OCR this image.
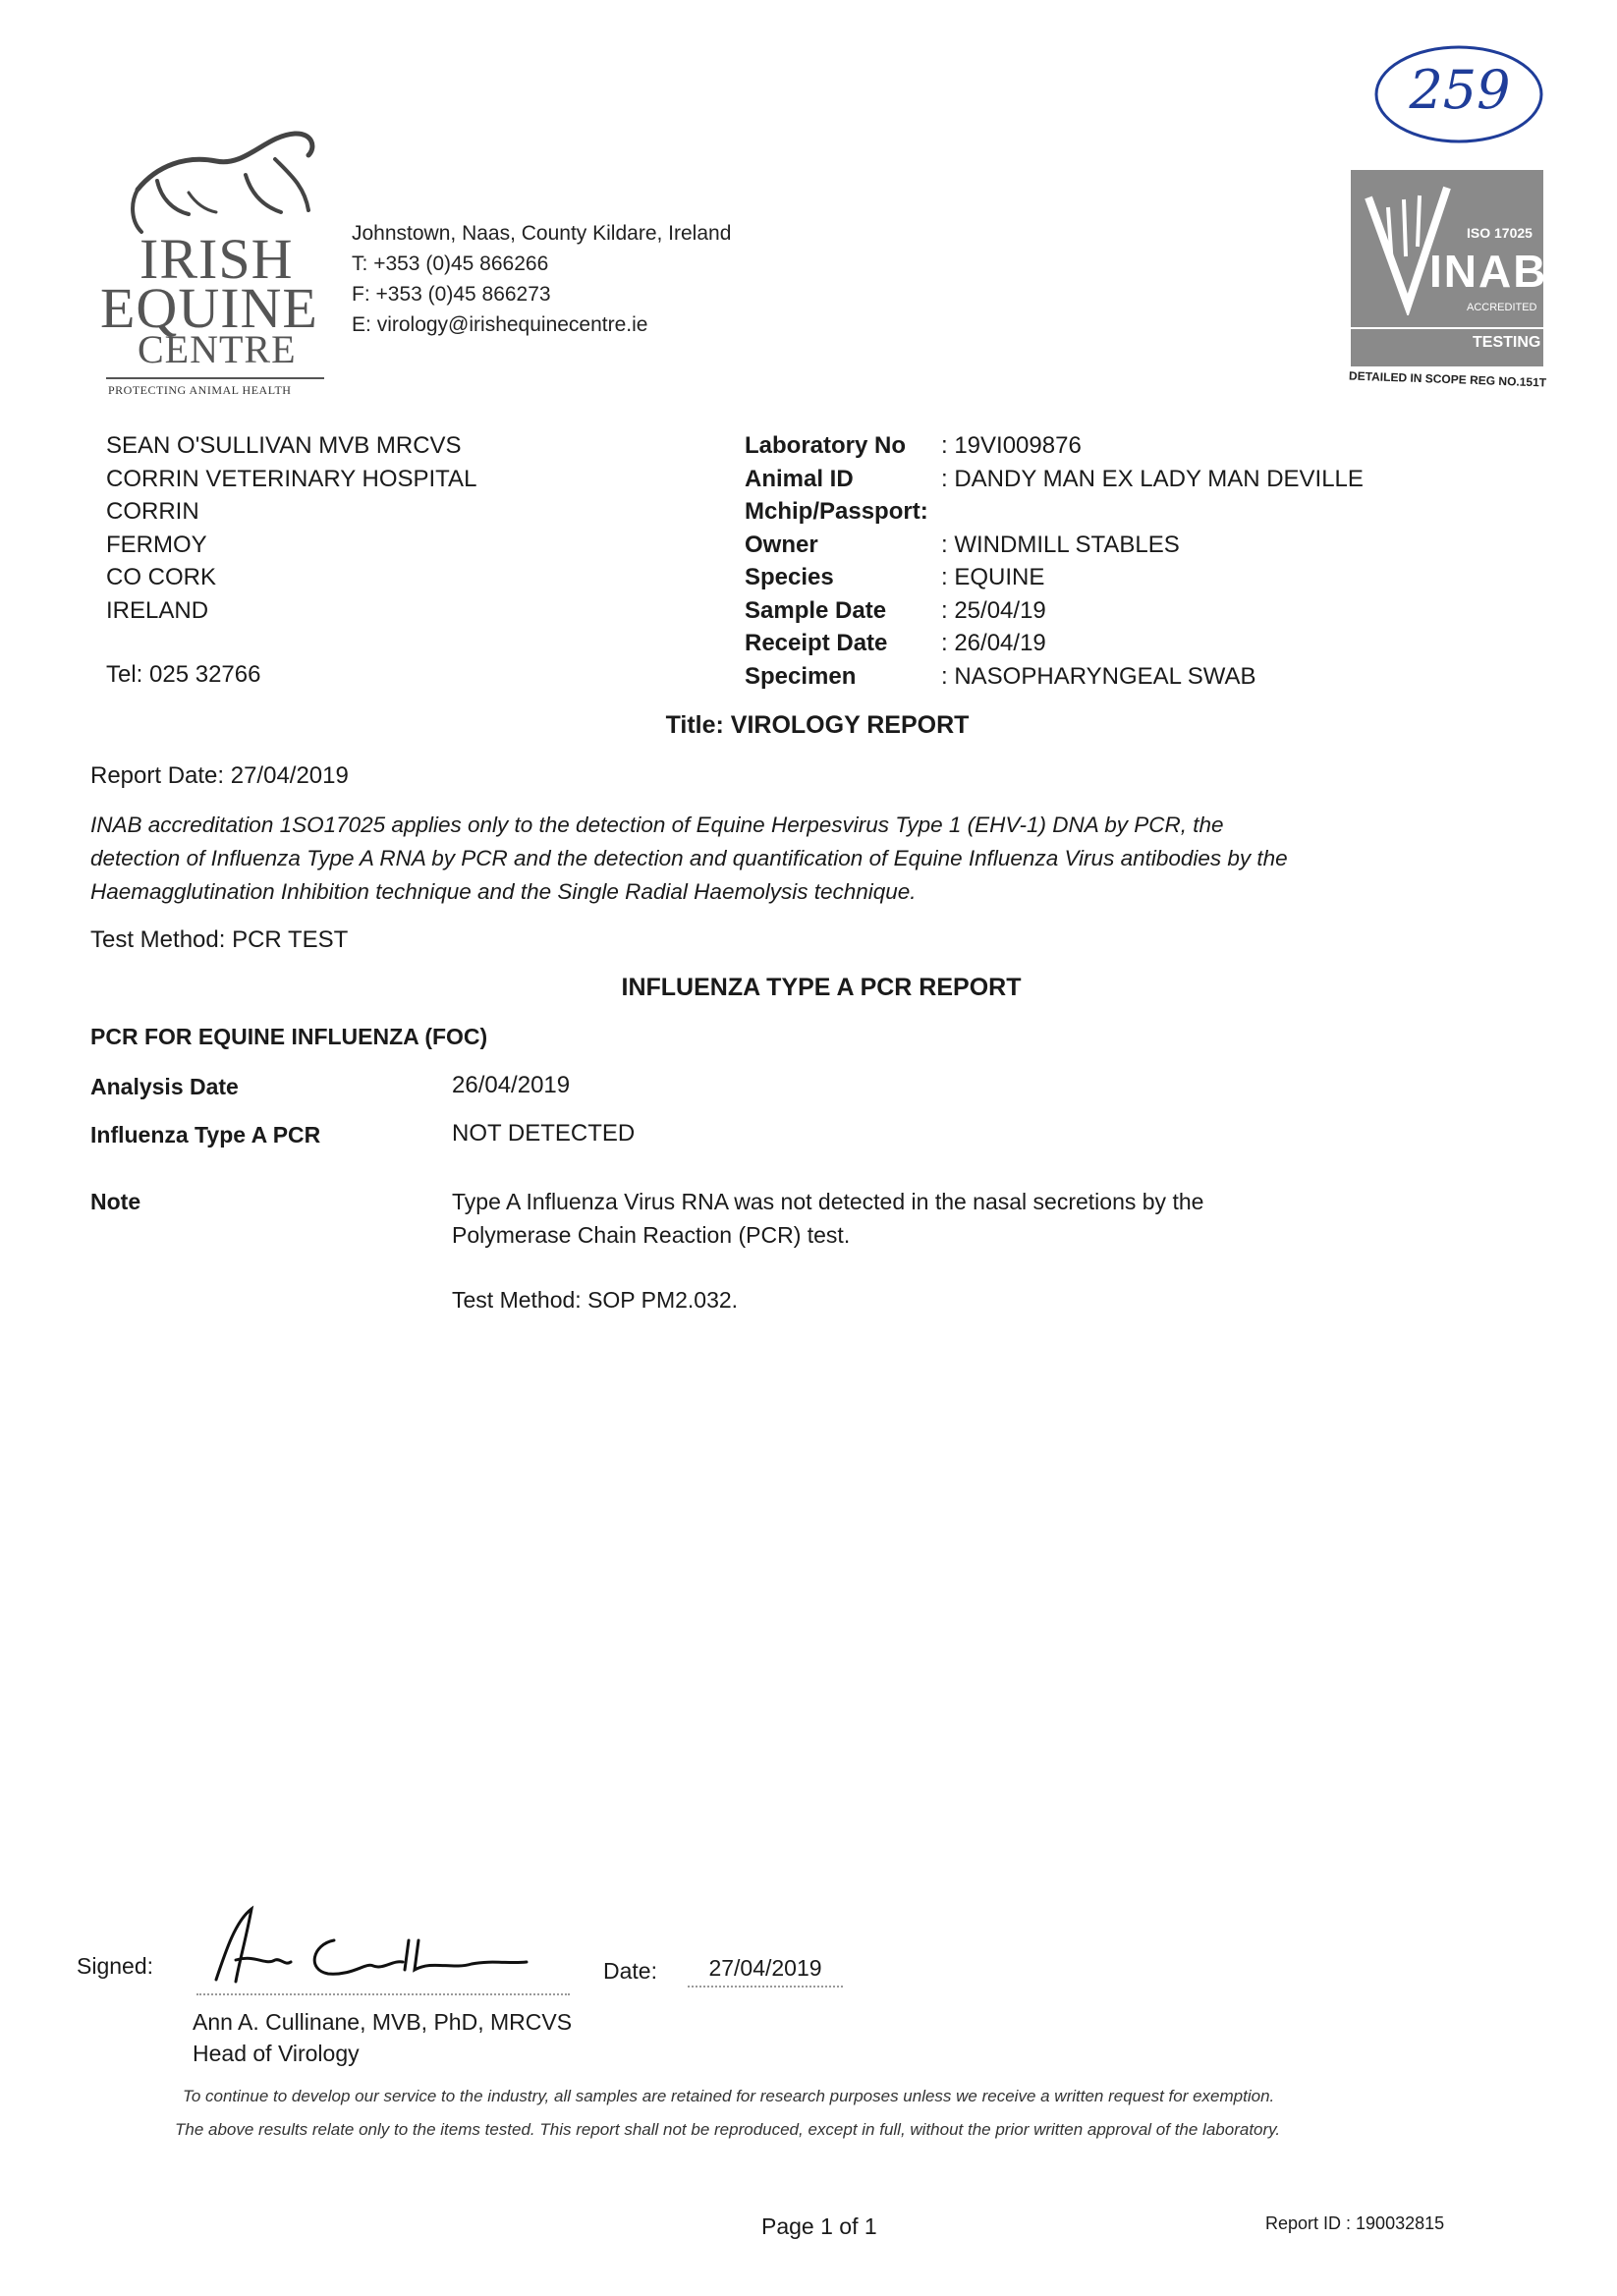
IRISH
EQUINE
CENTRE
PROTECTING ANIMAL HEALTH
Johnstown, Naas, County Kildare, Ireland
T: +353 (0)45 866266
F: +353 (0)45 866273
E: virology@irishequinecentre.ie
259
ISO 17025
INAB
ACCREDITED
TESTING
DETAILED IN SCOPE REG NO.151T
SEAN O'SULLIVAN MVB MRCVS
CORRIN VETERINARY HOSPITAL
CORRIN
FERMOY
CO CORK
IRELAND
Tel: 025 32766
Laboratory No : 19VI009876
Animal ID	: DANDY MAN EX LADY MAN DEVILLE
Mchip/Passport:
Owner	: WINDMILL STABLES
Species	: EQUINE
Sample Date : 25/04/19
Receipt Date : 26/04/19
Specimen	: NASOPHARYNGEAL SWAB
Title: VIROLOGY REPORT
Report Date: 27/04/2019
INAB accreditation 1SO17025 applies only to the detection of Equine Herpesvirus Type 1 (EHV-1) DNA by PCR, the
detection of Influenza Type A RNA by PCR and the detection and quantification of Equine Influenza Virus antibodies by the
Haemagglutination Inhibition technique and the Single Radial Haemolysis technique.
Test Method: PCR TEST
INFLUENZA TYPE A PCR REPORT
PCR FOR EQUINE INFLUENZA (FOC)
Analysis Date	26/04/2019
Influenza Type A PCR	NOT DETECTED
Note	Type A Influenza Virus RNA was not detected in the nasal secretions by the
Polymerase Chain Reaction (PCR) test.
Test Method: SOP PM2.032.
Signed:	Date:	27/04/2019
Ann A. Cullinane, MVB, PhD, MRCVS
Head of Virology
To continue to develop our service to the industry, all samples are retained for research purposes unless we receive a written request for exemption.
The above results relate only to the items tested. This report shall not be reproduced, except in full, without the prior written approval of the laboratory.
Page 1 of 1	Report ID : 190032815
